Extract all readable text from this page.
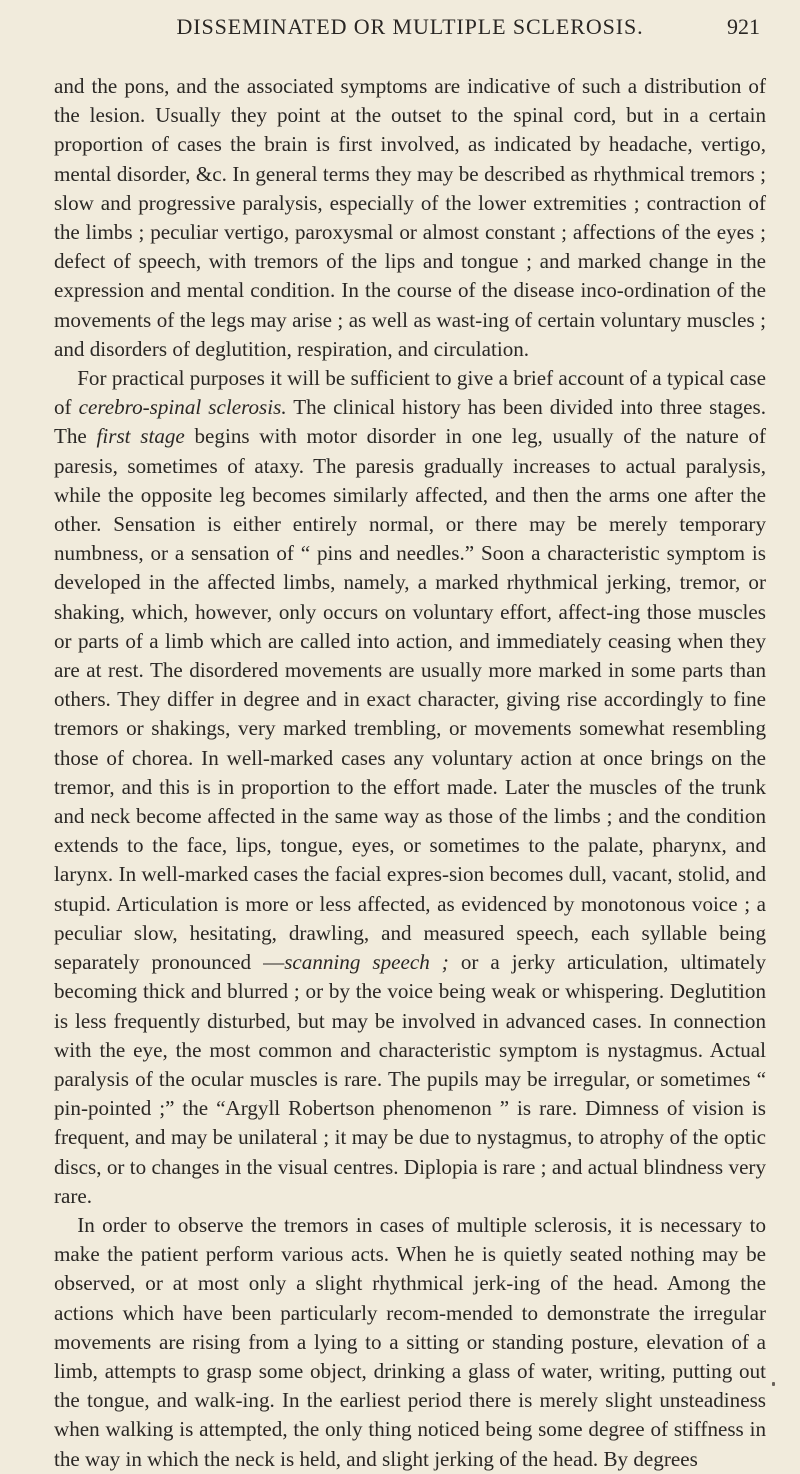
DISSEMINATED OR MULTIPLE SCLEROSIS.	921

and the pons, and the associated symptoms are indicative of such a distribution of the lesion. Usually they point at the outset to the spinal cord, but in a certain proportion of cases the brain is first involved, as indicated by headache, vertigo, mental disorder, &c. In general terms they may be described as rhythmical tremors ; slow and progressive paralysis, especially of the lower extremities ; contraction of the limbs ; peculiar vertigo, paroxysmal or almost constant ; affections of the eyes ; defect of speech, with tremors of the lips and tongue ; and marked change in the expression and mental condition. In the course of the disease inco-ordination of the movements of the legs may arise ; as well as wast-ing of certain voluntary muscles ; and disorders of deglutition, respiration, and circulation.

For practical purposes it will be sufficient to give a brief account of a typical case of cerebro-spinal sclerosis. The clinical history has been divided into three stages. The first stage begins with motor disorder in one leg, usually of the nature of paresis, sometimes of ataxy. The paresis gradually increases to actual paralysis, while the opposite leg becomes similarly affected, and then the arms one after the other. Sensation is either entirely normal, or there may be merely temporary numbness, or a sensation of “ pins and needles.” Soon a characteristic symptom is developed in the affected limbs, namely, a marked rhythmical jerking, tremor, or shaking, which, however, only occurs on voluntary effort, affect-ing those muscles or parts of a limb which are called into action, and immediately ceasing when they are at rest. The disordered movements are usually more marked in some parts than others. They differ in degree and in exact character, giving rise accordingly to fine tremors or shakings, very marked trembling, or movements somewhat resembling those of chorea. In well-marked cases any voluntary action at once brings on the tremor, and this is in proportion to the effort made. Later the muscles of the trunk and neck become affected in the same way as those of the limbs ; and the condition extends to the face, lips, tongue, eyes, or sometimes to the palate, pharynx, and larynx. In well-marked cases the facial expres-sion becomes dull, vacant, stolid, and stupid. Articulation is more or less affected, as evidenced by monotonous voice ; a peculiar slow, hesitating, drawling, and measured speech, each syllable being separately pronounced —scanning speech ; or a jerky articulation, ultimately becoming thick and blurred ; or by the voice being weak or whispering. Deglutition is less frequently disturbed, but may be involved in advanced cases. In connection with the eye, the most common and characteristic symptom is nystagmus. Actual paralysis of the ocular muscles is rare. The pupils may be irregular, or sometimes “ pin-pointed ;” the “Argyll Robertson phenomenon ” is rare. Dimness of vision is frequent, and may be unilateral ; it may be due to nystagmus, to atrophy of the optic discs, or to changes in the visual centres. Diplopia is rare ; and actual blindness very rare.

In order to observe the tremors in cases of multiple sclerosis, it is necessary to make the patient perform various acts. When he is quietly seated nothing may be observed, or at most only a slight rhythmical jerk-ing of the head. Among the actions which have been particularly recom-mended to demonstrate the irregular movements are rising from a lying to a sitting or standing posture, elevation of a limb, attempts to grasp some object, drinking a glass of water, writing, putting out the tongue, and walk-ing. In the earliest period there is merely slight unsteadiness when walking is attempted, the only thing noticed being some degree of stiffness in the way in which the neck is held, and slight jerking of the head. By degrees
